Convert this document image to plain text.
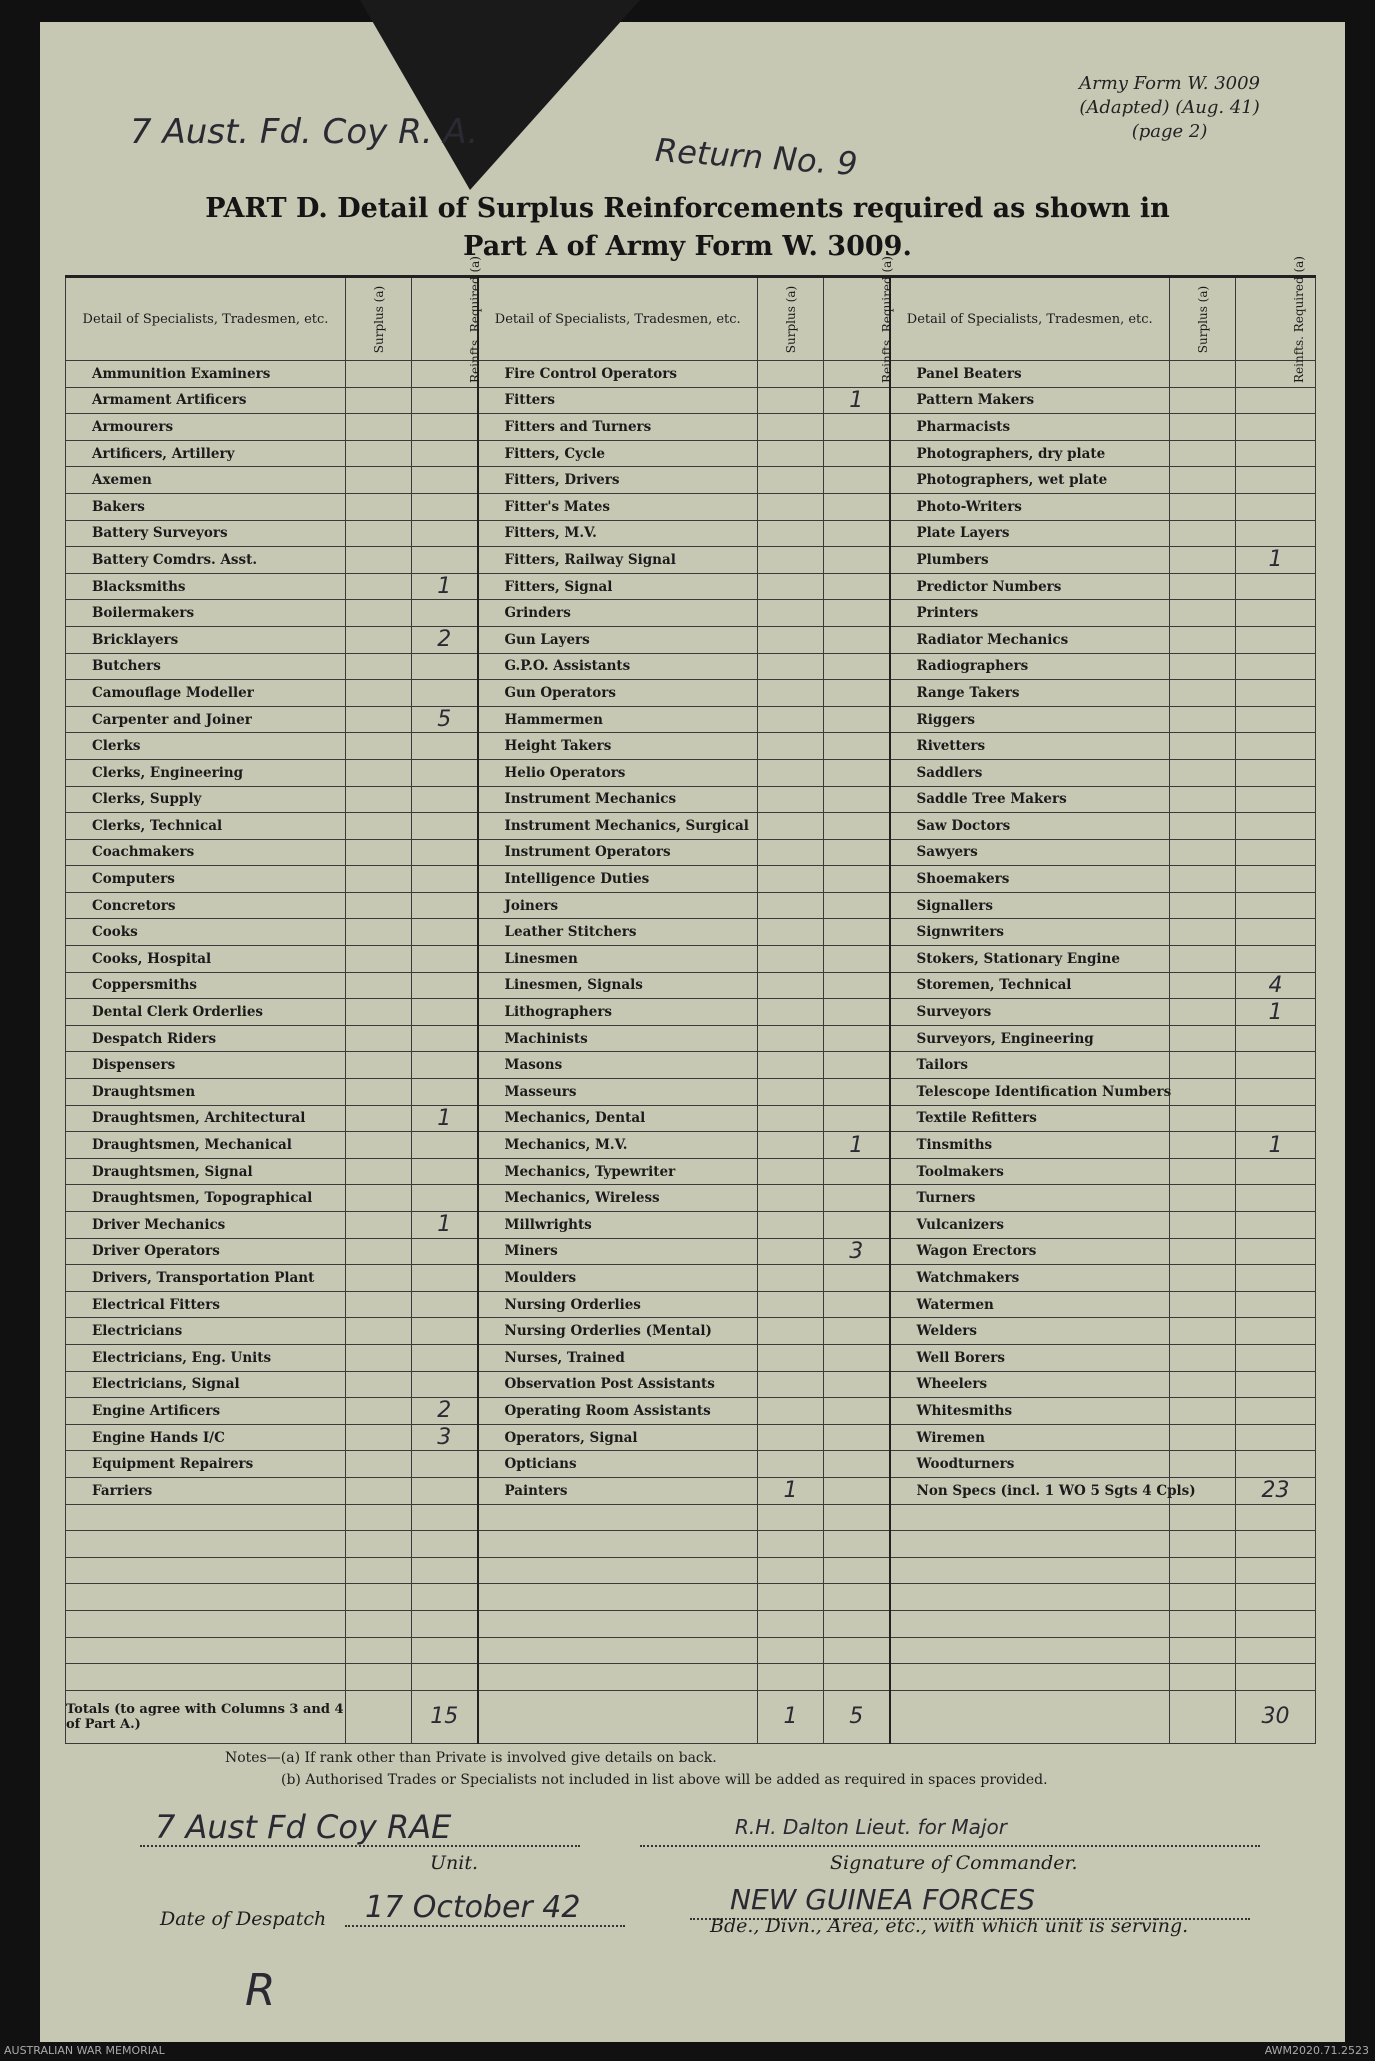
7 Aust. Fd. Coy R. A.	Return No. 9
Army Form W. 3009
(Adapted) (Aug. 41)
(page 2)
PART D. Detail of Surplus Reinforcements required as shown in
Part A of Army Form W. 3009.
Detail of Specialists, Tradesmen, etc.	Surplus (a)	Reinfts. Required (a)	Detail of Specialists, Tradesmen, etc.	Surplus (a)	Reinfts. Required (a)	Detail of Specialists, Tradesmen, etc.	Surplus (a)	Reinfts. Required (a)
Ammunition Examiners			Fire Control Operators			Panel Beaters		
Armament Artificers			Fitters		1	Pattern Makers		
Armourers			Fitters and Turners			Pharmacists		
Artificers, Artillery			Fitters, Cycle			Photographers, dry plate		
Axemen			Fitters, Drivers			Photographers, wet plate		
Bakers			Fitter's Mates			Photo-Writers		
Battery Surveyors			Fitters, M.V.			Plate Layers		
Battery Comdrs. Asst.			Fitters, Railway Signal			Plumbers		1
Blacksmiths		1	Fitters, Signal			Predictor Numbers		
Boilermakers			Grinders			Printers		
Bricklayers		2	Gun Layers			Radiator Mechanics		
Butchers			G.P.O. Assistants			Radiographers		
Camouflage Modeller			Gun Operators			Range Takers		
Carpenter and Joiner		5	Hammermen			Riggers		
Clerks			Height Takers			Rivetters		
Clerks, Engineering			Helio Operators			Saddlers		
Clerks, Supply			Instrument Mechanics			Saddle Tree Makers		
Clerks, Technical			Instrument Mechanics, Surgical			Saw Doctors		
Coachmakers			Instrument Operators			Sawyers		
Computers			Intelligence Duties			Shoemakers		
Concretors			Joiners			Signallers		
Cooks			Leather Stitchers			Signwriters		
Cooks, Hospital			Linesmen			Stokers, Stationary Engine		
Coppersmiths			Linesmen, Signals			Storemen, Technical		4
Dental Clerk Orderlies			Lithographers			Surveyors		1
Despatch Riders			Machinists			Surveyors, Engineering		
Dispensers			Masons			Tailors		
Draughtsmen			Masseurs			Telescope Identification Numbers		
Draughtsmen, Architectural		1	Mechanics, Dental			Textile Refitters		
Draughtsmen, Mechanical			Mechanics, M.V.		1	Tinsmiths		1
Draughtsmen, Signal			Mechanics, Typewriter			Toolmakers		
Draughtsmen, Topographical			Mechanics, Wireless			Turners		
Driver Mechanics		1	Millwrights			Vulcanizers		
Driver Operators			Miners		3	Wagon Erectors		
Drivers, Transportation Plant			Moulders			Watchmakers		
Electrical Fitters			Nursing Orderlies			Watermen		
Electricians			Nursing Orderlies (Mental)			Welders		
Electricians, Eng. Units			Nurses, Trained			Well Borers		
Electricians, Signal			Observation Post Assistants			Wheelers		
Engine Artificers		2	Operating Room Assistants			Whitesmiths		
Engine Hands I/C		3	Operators, Signal			Wiremen		
Equipment Repairers			Opticians			Woodturners		
Farriers			Painters	1		Non Specs (incl. 1 WO 5 Sgts 4 Cpls)		23

Totals (to agree with Columns 3 and 4 of Part A.)		15		1	5			30
Notes—(a) If rank other than Private is involved give details on back.
(b) Authorised Trades or Specialists not included in list above will be added as required in spaces provided.
7 Aust Fd Coy RAE
Unit.
R.H. Dalton Lieut. for Major
Signature of Commander.
Date of Despatch 17 October 42	NEW GUINEA FORCES
Bde., Divn., Area, etc., with which unit is serving.
R
AUSTRALIAN WAR MEMORIAL	AWM2020.71.2523
